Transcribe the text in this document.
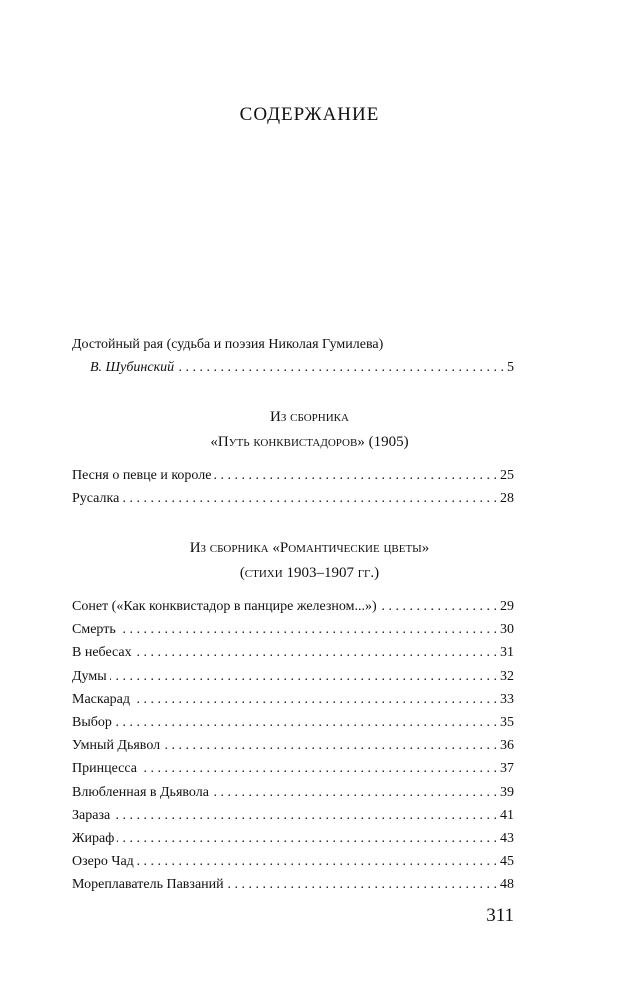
СОДЕРЖАНИЕ
Достойный рая (судьба и поэзия Николая Гумилева)
В. Шубинский . . .	5
Из сборника
«Путь конквистадоров» (1905)
Песня о певце и короле . . .	25
Русалка . . .	28
Из сборника «Романтические цветы»
(стихи 1903–1907 гг.)
Сонет («Как конквистадор в панцире железном...») . . .	29
Смерть . . .	30
В небесах . . .	31
Думы . . .	32
Маскарад . . .	33
Выбор . . .	35
Умный Дьявол . . .	36
Принцесса . . .	37
Влюбленная в Дьявола . . .	39
Зараза . . .	41
Жираф . . .	43
Озеро Чад . . .	45
Мореплаватель Павзаний . . .	48
311
